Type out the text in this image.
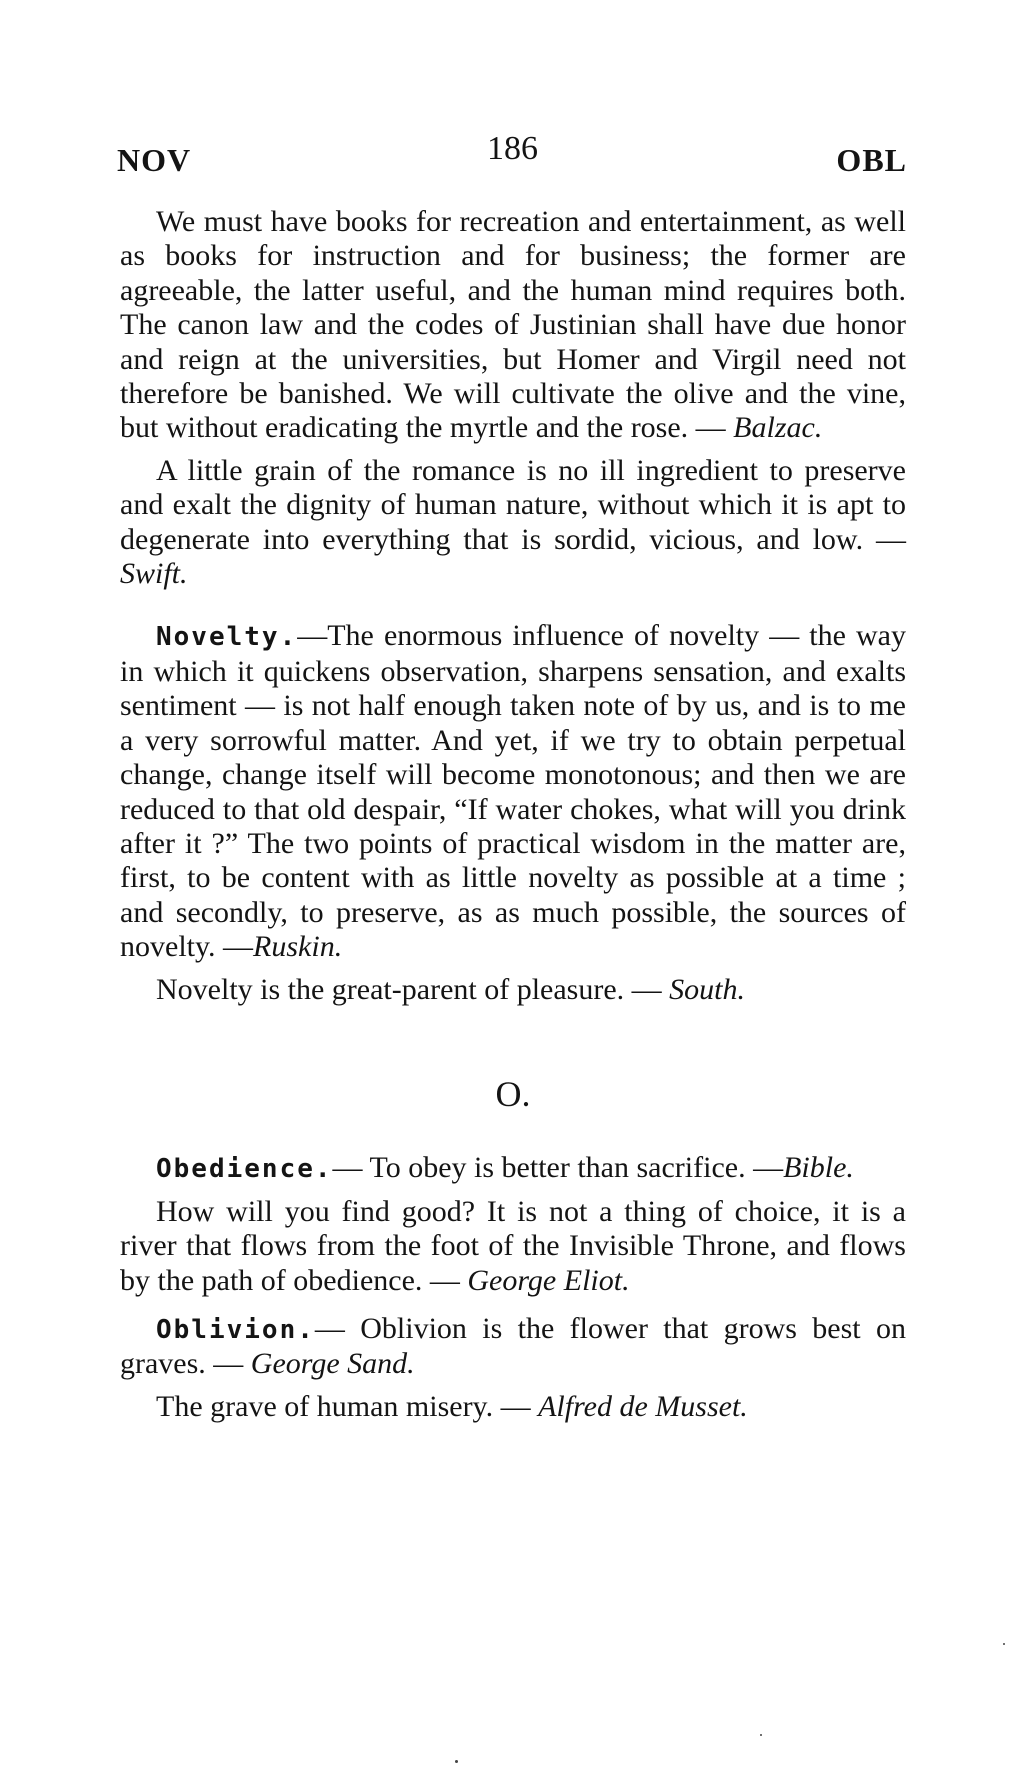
NOV	186	OBL

We must have books for recreation and entertainment, as well as books for instruction and for business; the former are agreeable, the latter useful, and the human mind requires both. The canon law and the codes of Justinian shall have due honor and reign at the universities, but Homer and Virgil need not therefore be banished. We will cultivate the olive and the vine, but without eradicating the myrtle and the rose. — Balzac.

A little grain of the romance is no ill ingredient to preserve and exalt the dignity of human nature, without which it is apt to degenerate into everything that is sordid, vicious, and low. — Swift.

Novelty.—The enormous influence of novelty — the way in which it quickens observation, sharpens sensation, and exalts sentiment — is not half enough taken note of by us, and is to me a very sorrowful matter. And yet, if we try to obtain perpetual change, change itself will become monotonous; and then we are reduced to that old despair, “If water chokes, what will you drink after it ?” The two points of practical wisdom in the matter are, first, to be content with as little novelty as possible at a time ; and secondly, to preserve, as as much possible, the sources of novelty. —Ruskin.

Novelty is the great-parent of pleasure. — South.

O.

Obedience.— To obey is better than sacrifice. —Bible.

How will you find good? It is not a thing of choice, it is a river that flows from the foot of the Invisible Throne, and flows by the path of obedience. — George Eliot.

Oblivion.— Oblivion is the flower that grows best on graves. — George Sand.

The grave of human misery. — Alfred de Musset.
